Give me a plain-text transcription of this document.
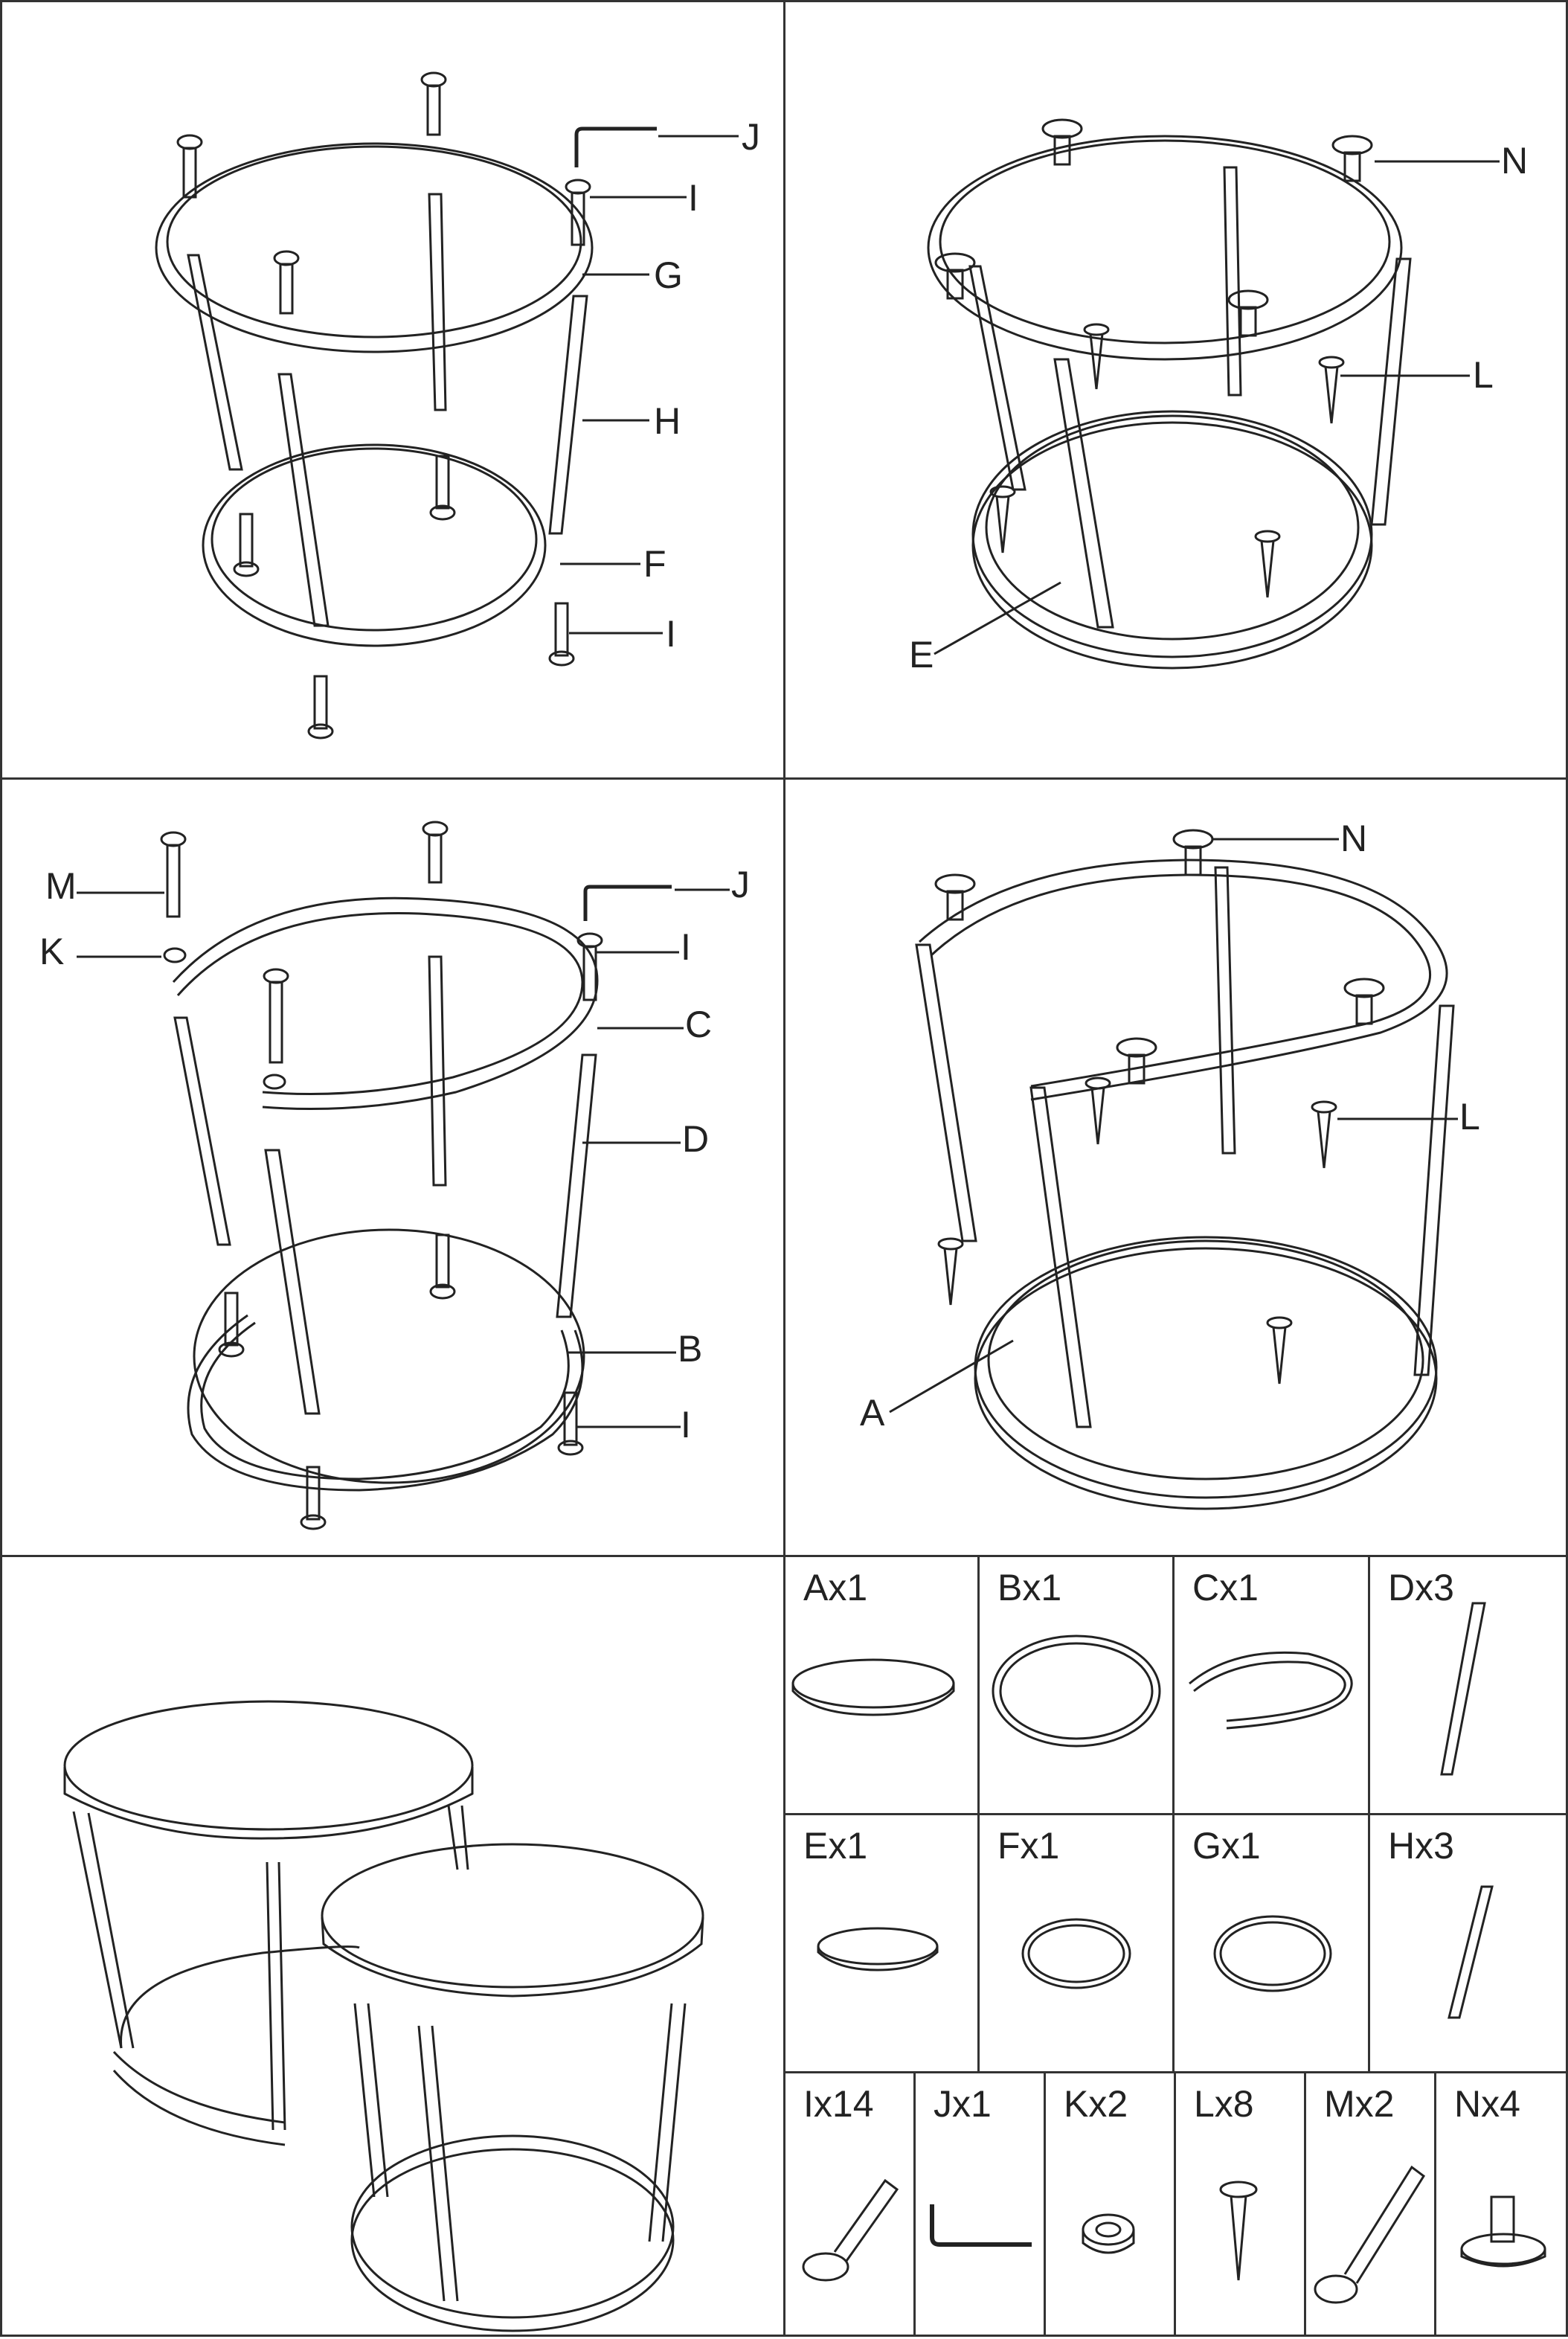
J
I
G
H
F
I
N
L
E
M
K
J
I
C
D
B
I
N
L
A
Ax1	Bx1	Cx1	Dx3
Ex1	Fx1	Gx1	Hx3
Ix14 Jx1 Kx2 Lx8 Mx2 Nx4
